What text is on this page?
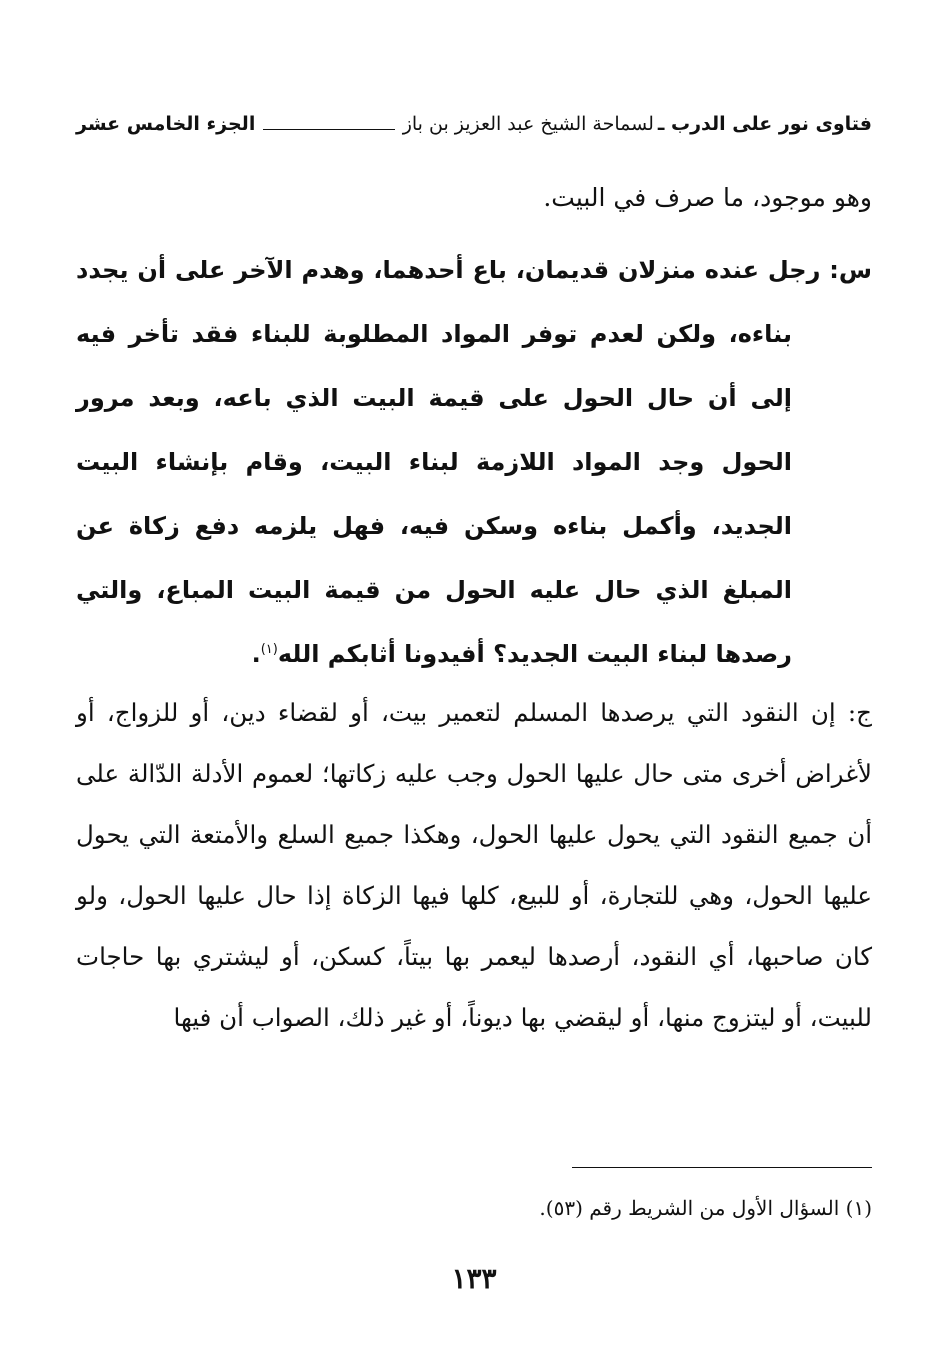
فتاوى نور على الدرب ـ
لسماحة الشيخ عبد العزيز بن باز
الجزء الخامس عشر

وهو موجود، ما صرف في البيت.

س: رجل عنده منزلان قديمان، باع أحدهما، وهدم الآخر على أن يجدد بناءه، ولكن لعدم توفر المواد المطلوبة للبناء فقد تأخر فيه إلى أن حال الحول على قيمة البيت الذي باعه، وبعد مرور الحول وجد المواد اللازمة لبناء البيت، وقام بإنشاء البيت الجديد، وأكمل بناءه وسكن فيه، فهل يلزمه دفع زكاة عن المبلغ الذي حال عليه الحول من قيمة البيت المباع، والتي رصدها لبناء البيت الجديد؟ أفيدونا أثابكم الله$^{(١)}$.

ج: إن النقود التي يرصدها المسلم لتعمير بيت، أو لقضاء دين، أو للزواج، أو لأغراض أخرى متى حال عليها الحول وجب عليه زكاتها؛ لعموم الأدلة الدّالة على أن جميع النقود التي يحول عليها الحول، وهكذا جميع السلع والأمتعة التي يحول عليها الحول، وهي للتجارة، أو للبيع، كلها فيها الزكاة إذا حال عليها الحول، ولو كان صاحبها، أي النقود، أرصدها ليعمر بها بيتاً، كسكن، أو ليشتري بها حاجات للبيت، أو ليتزوج منها، أو ليقضي بها ديوناً، أو غير ذلك، الصواب أن فيها

(١) السؤال الأول من الشريط رقم (٥٣).

١٣٣
